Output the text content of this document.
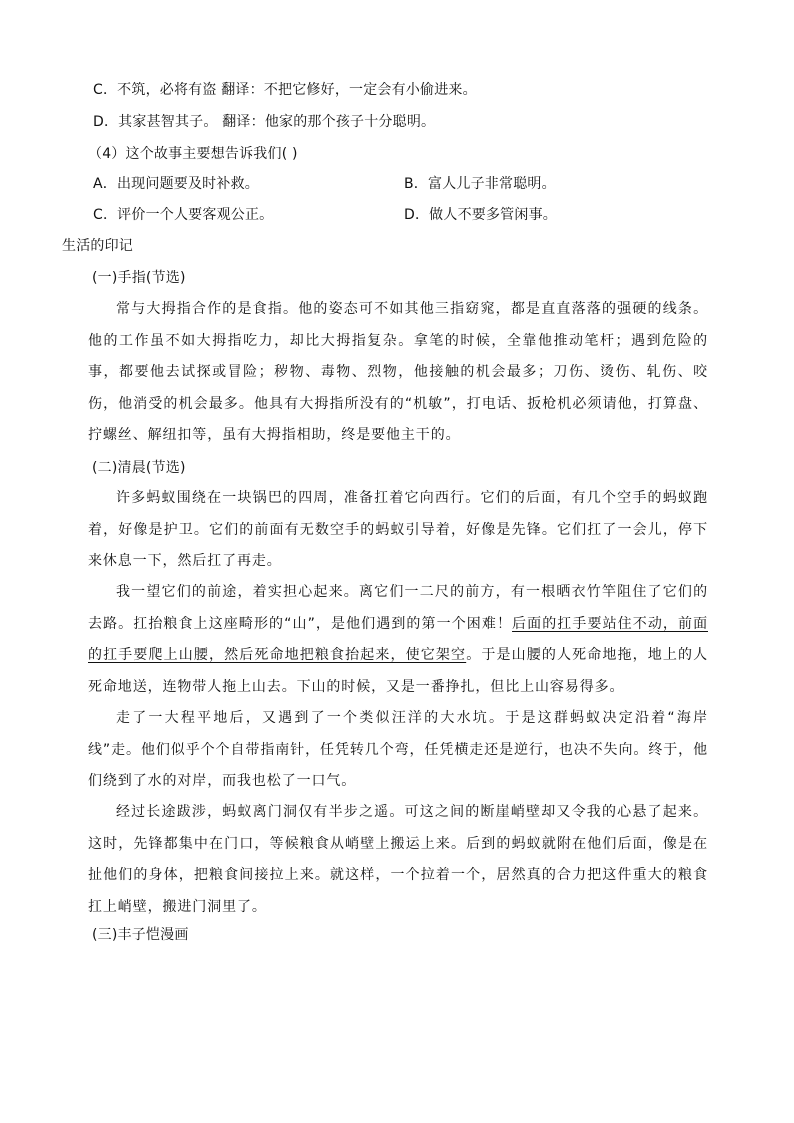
C．不筑，必将有盗 翻译：不把它修好，一定会有小偷进来。
D．其家甚智其子。 翻译：他家的那个孩子十分聪明。
（4）这个故事主要想告诉我们( )
A．出现问题要及时补救。	B．富人儿子非常聪明。
C．评价一个人要客观公正。	D．做人不要多管闲事。
生活的印记
(一)手指(节选)
常与大拇指合作的是食指。他的姿态可不如其他三指窈窕，都是直直落落的强硬的线条。他的工作虽不如大拇指吃力，却比大拇指复杂。拿笔的时候，全靠他推动笔杆；遇到危险的事，都要他去试探或冒险；秽物、毒物、烈物，他接触的机会最多；刀伤、烫伤、轧伤、咬伤，他消受的机会最多。他具有大拇指所没有的“机敏”，打电话、扳枪机必须请他，打算盘、拧螺丝、解纽扣等，虽有大拇指相助，终是要他主干的。
(二)清晨(节选)
许多蚂蚁围绕在一块锅巴的四周，准备扛着它向西行。它们的后面，有几个空手的蚂蚁跑着，好像是护卫。它们的前面有无数空手的蚂蚁引导着，好像是先锋。它们扛了一会儿，停下来休息一下，然后扛了再走。
我一望它们的前途，着实担心起来。离它们一二尺的前方，有一根晒衣竹竿阻住了它们的去路。扛抬粮食上这座畸形的“山”，是他们遇到的第一个困难！后面的扛手要站住不动，前面的扛手要爬上山腰，然后死命地把粮食抬起来，使它架空。于是山腰的人死命地拖，地上的人死命地送，连物带人拖上山去。下山的时候，又是一番挣扎，但比上山容易得多。
走了一大程平地后，又遇到了一个类似汪洋的大水坑。于是这群蚂蚁决定沿着“海岸线”走。他们似乎个个自带指南针，任凭转几个弯，任凭横走还是逆行，也决不失向。终于，他们绕到了水的对岸，而我也松了一口气。
经过长途跋涉，蚂蚁离门洞仅有半步之遥。可这之间的断崖峭壁却又令我的心悬了起来。这时，先锋都集中在门口，等候粮食从峭壁上搬运上来。后到的蚂蚁就附在他们后面，像是在扯他们的身体，把粮食间接拉上来。就这样，一个拉着一个，居然真的合力把这件重大的粮食扛上峭壁，搬进门洞里了。
(三)丰子恺漫画
